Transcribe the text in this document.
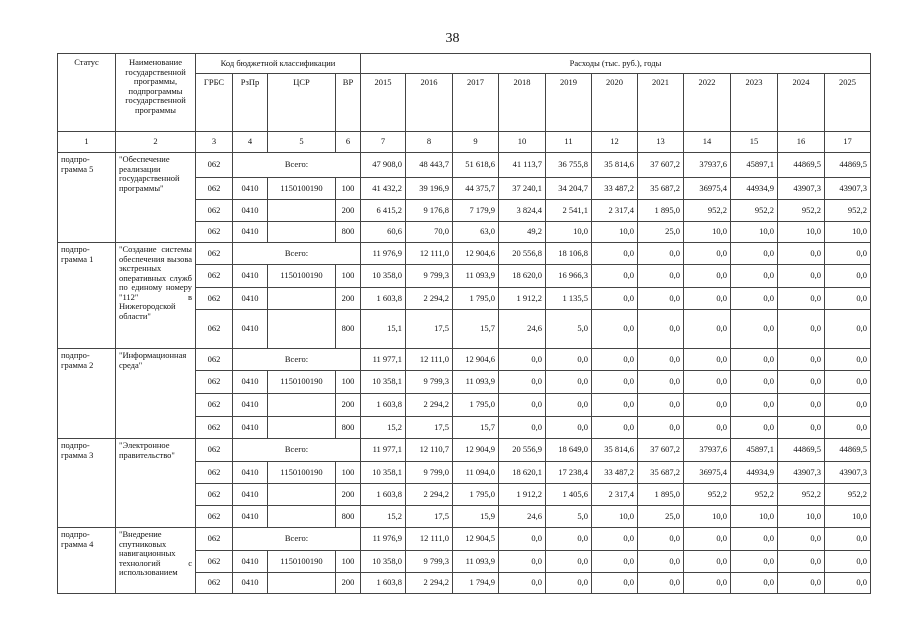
38
Статус	Наименование государственной программы, подпрограммы государственной программы	Код бюджетной классификации				Расходы (тыс. руб.), годы										
		ГРБС	РзПр	ЦСР	ВР	2015	2016	2017	2018	2019	2020	2021	2022	2023	2024	2025
1	2	3	4	5	6	7	8	9	10	11	12	13	14	15	16	17
подпро-грамма 5	"Обеспечение реализации государственной программы"	062	Всего:			47 908,0	48 443,7	51 618,6	41 113,7	36 755,8	35 814,6	37 607,2	37937,6	45897,1	44869,5	44869,5
		062	0410	1150100190	100	41 432,2	39 196,9	44 375,7	37 240,1	34 204,7	33 487,2	35 687,2	36975,4	44934,9	43907,3	43907,3
		062	0410		200	6 415,2	9 176,8	7 179,9	3 824,4	2 541,1	2 317,4	1 895,0	952,2	952,2	952,2	952,2
		062	0410		800	60,6	70,0	63,0	49,2	10,0	10,0	25,0	10,0	10,0	10,0	10,0
подпро-грамма 1	"Создание системы обеспечения вызова экстренных оперативных служб по единому номеру "112" в Нижегородской области"	062	Всего:			11 976,9	12 111,0	12 904,6	20 556,8	18 106,8	0,0	0,0	0,0	0,0	0,0	0,0
		062	0410	1150100190	100	10 358,0	9 799,3	11 093,9	18 620,0	16 966,3	0,0	0,0	0,0	0,0	0,0	0,0
		062	0410		200	1 603,8	2 294,2	1 795,0	1 912,2	1 135,5	0,0	0,0	0,0	0,0	0,0	0,0
		062	0410		800	15,1	17,5	15,7	24,6	5,0	0,0	0,0	0,0	0,0	0,0	0,0
подпро-грамма 2	"Информационная среда"	062	Всего:			11 977,1	12 111,0	12 904,6	0,0	0,0	0,0	0,0	0,0	0,0	0,0	0,0
		062	0410	1150100190	100	10 358,1	9 799,3	11 093,9	0,0	0,0	0,0	0,0	0,0	0,0	0,0	0,0
		062	0410		200	1 603,8	2 294,2	1 795,0	0,0	0,0	0,0	0,0	0,0	0,0	0,0	0,0
		062	0410		800	15,2	17,5	15,7	0,0	0,0	0,0	0,0	0,0	0,0	0,0	0,0
подпро-грамма 3	"Электронное правительство"	062	Всего:			11 977,1	12 110,7	12 904,9	20 556,9	18 649,0	35 814,6	37 607,2	37937,6	45897,1	44869,5	44869,5
		062	0410	1150100190	100	10 358,1	9 799,0	11 094,0	18 620,1	17 238,4	33 487,2	35 687,2	36975,4	44934,9	43907,3	43907,3
		062	0410		200	1 603,8	2 294,2	1 795,0	1 912,2	1 405,6	2 317,4	1 895,0	952,2	952,2	952,2	952,2
		062	0410		800	15,2	17,5	15,9	24,6	5,0	10,0	25,0	10,0	10,0	10,0	10,0
подпро-грамма 4	"Внедрение спутниковых навигационных технологий с использованием	062	Всего:			11 976,9	12 111,0	12 904,5	0,0	0,0	0,0	0,0	0,0	0,0	0,0	0,0
		062	0410	1150100190	100	10 358,0	9 799,3	11 093,9	0,0	0,0	0,0	0,0	0,0	0,0	0,0	0,0
		062	0410		200	1 603,8	2 294,2	1 794,9	0,0	0,0	0,0	0,0	0,0	0,0	0,0	0,0
